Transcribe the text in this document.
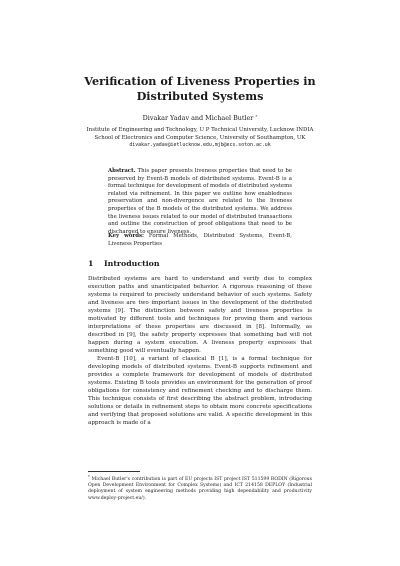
Verification of Liveness Properties in
Distributed Systems
Divakar Yadav and Michael Butler *
Institute of Engineering and Technology, U P Technical University, Lucknow INDIA
School of Electronics and Computer Science, University of Southampton, UK
divakar.yadav@ietlucknow.edu,mjb@ecs.soton.ac.uk
Abstract. This paper presents liveness properties that need to be preserved by Event-B models of distributed systems. Event-B is a formal technique for development of models of distributed systems related via refinement. In this paper we outline how enabledness preservation and non-divergence are related to the liveness properties of the B models of the distributed systems. We address the liveness issues related to our model of distributed transactions and outline the construction of proof obligations that need to be discharged to ensure liveness.
Key words: Formal Methods, Distributed Systems, Event-B, Liveness Properties
1 Introduction

Distributed systems are hard to understand and verify due to complex execution paths and unanticipated behavior. A rigorous reasoning of these systems is required to precisely understand behavior of such systems. Safety and liveness are two important issues in the development of the distributed systems [9]. The distinction between safety and liveness properties is motivated by different tools and techniques for proving them and various interpretations of these properties are discussed in [8]. Informally, as described in [9], the safety property expresses that something bad will not happen during a system execution. A liveness property expresses that something good will eventually happen.

Event-B [10], a variant of classical B [1], is a formal technique for developing models of distributed systems. Event-B supports refinement and provides a complete framework for development of models of distributed systems. Existing B tools provides an environment for the generation of proof obligations for consistency and refinement checking and to discharge them. This technique consists of first describing the abstract problem, introducing solutions or details in refinement steps to obtain more concrete specifications and verifying that proposed solutions are valid. A specific development in this approach is made of a

* Michael Butler's contribution is part of EU projects IST project IST 511599 RODIN (Rigorous Open Development Environment for Complex Systems) and ICT 214158 DEPLOY (Industrial deployment of system engineering methods providing high dependability and productivity www.deploy-project.eu/).
